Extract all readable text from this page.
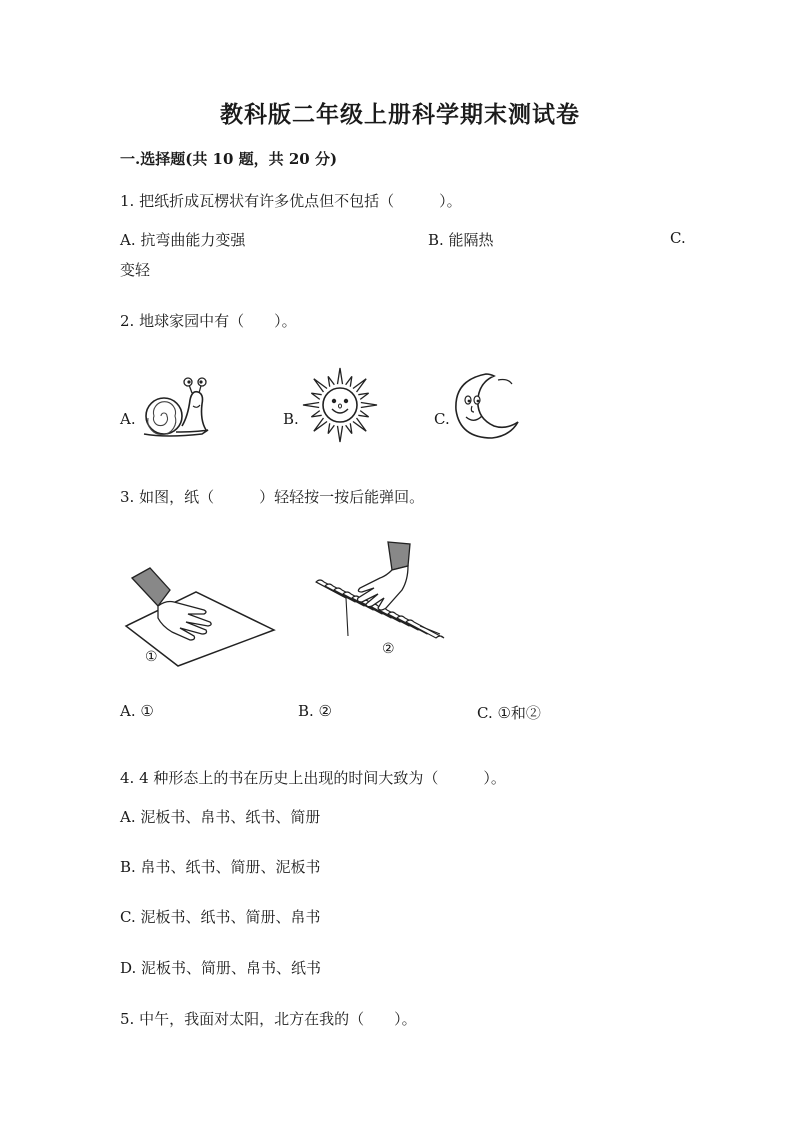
教科版二年级上册科学期末测试卷
一.选择题(共 10 题，共 20 分)
1. 把纸折成瓦楞状有许多优点但不包括（　　　）。
A. 抗弯曲能力变强	B. 能隔热	C.
变轻
2. 地球家园中有（　　）。
A.	B.	C.
3. 如图，纸（　　　）轻轻按一按后能弹回。
①	②
A. ①	B. ②	C. ①和②
4. 4 种形态上的书在历史上出现的时间大致为（　　　）。
A. 泥板书、帛书、纸书、简册
B. 帛书、纸书、简册、泥板书
C. 泥板书、纸书、简册、帛书
D. 泥板书、简册、帛书、纸书
5. 中午，我面对太阳，北方在我的（　　）。
